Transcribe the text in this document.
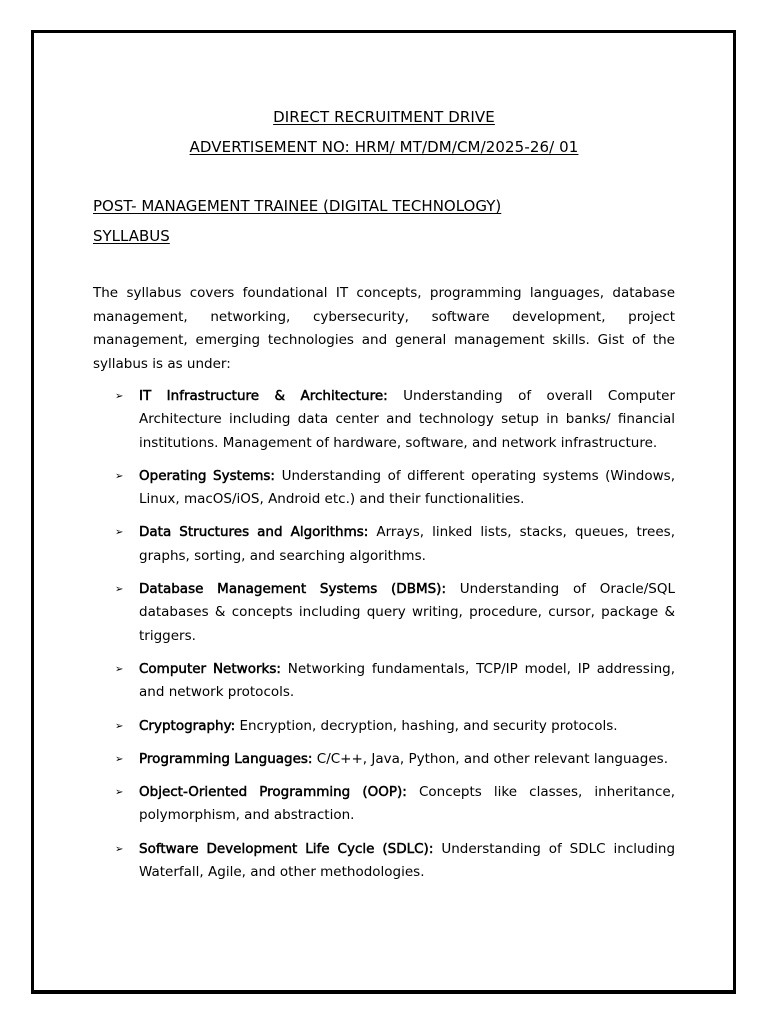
DIRECT RECRUITMENT DRIVE
ADVERTISEMENT NO: HRM/ MT/DM/CM/2025-26/ 01
POST- MANAGEMENT TRAINEE (DIGITAL TECHNOLOGY)
SYLLABUS

The syllabus covers foundational IT concepts, programming languages, database management, networking, cybersecurity, software development, project management, emerging technologies and general management skills. Gist of the syllabus is as under:

➢ IT Infrastructure & Architecture: Understanding of overall Computer Architecture including data center and technology setup in banks/ financial institutions. Management of hardware, software, and network infrastructure.
➢ Operating Systems: Understanding of different operating systems (Windows, Linux, macOS/iOS, Android etc.) and their functionalities.
➢ Data Structures and Algorithms: Arrays, linked lists, stacks, queues, trees, graphs, sorting, and searching algorithms.
➢ Database Management Systems (DBMS): Understanding of Oracle/SQL databases & concepts including query writing, procedure, cursor, package & triggers.
➢ Computer Networks: Networking fundamentals, TCP/IP model, IP addressing, and network protocols.
➢ Cryptography: Encryption, decryption, hashing, and security protocols.
➢ Programming Languages: C/C++, Java, Python, and other relevant languages.
➢ Object-Oriented Programming (OOP): Concepts like classes, inheritance, polymorphism, and abstraction.
➢ Software Development Life Cycle (SDLC): Understanding of SDLC including Waterfall, Agile, and other methodologies.
